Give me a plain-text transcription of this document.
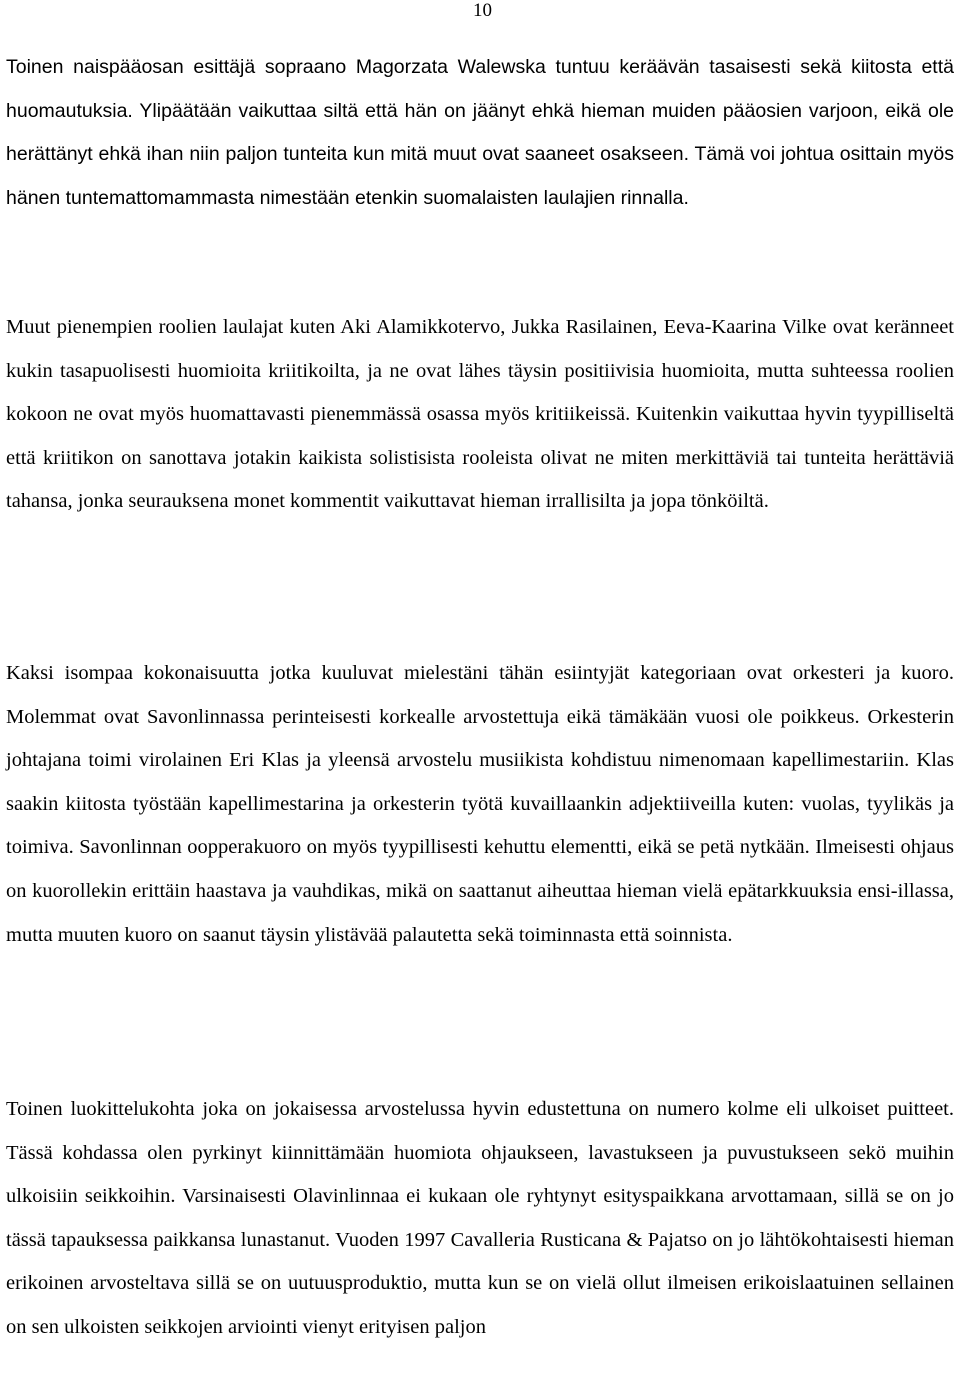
10

Toinen naispääosan esittäjä sopraano Magorzata Walewska tuntuu keräävän tasaisesti sekä kiitosta että huomautuksia. Ylipäätään vaikuttaa siltä että hän on jäänyt ehkä hieman muiden pääosien varjoon, eikä ole herättänyt ehkä ihan niin paljon tunteita kun mitä muut ovat saaneet osakseen. Tämä voi johtua osittain myös hänen tuntemattomammasta nimestään etenkin suomalaisten laulajien rinnalla.

Muut pienempien roolien laulajat kuten Aki Alamikkotervo, Jukka Rasilainen, Eeva-Kaarina Vilke ovat keränneet kukin tasapuolisesti huomioita kriitikoilta, ja ne ovat lähes täysin positiivisia huomioita, mutta suhteessa roolien kokoon ne ovat myös huomattavasti pienemmässä osassa myös kritiikeissä. Kuitenkin vaikuttaa hyvin tyypilliseltä että kriitikon on sanottava jotakin kaikista solistisista rooleista olivat ne miten merkittäviä tai tunteita herättäviä tahansa, jonka seurauksena monet kommentit vaikuttavat hieman irrallisilta ja jopa tönköiltä.

Kaksi isompaa kokonaisuutta jotka kuuluvat mielestäni tähän esiintyjät kategoriaan ovat orkesteri ja kuoro. Molemmat ovat Savonlinnassa perinteisesti korkealle arvostettuja eikä tämäkään vuosi ole poikkeus. Orkesterin johtajana toimi virolainen Eri Klas ja yleensä arvostelu musiikista kohdistuu nimenomaan kapellimestariin. Klas saakin kiitosta työstään kapellimestarina ja orkesterin työtä kuvaillaankin adjektiiveilla kuten: vuolas, tyylikäs ja toimiva. Savonlinnan oopperakuoro on myös tyypillisesti kehuttu elementti, eikä se petä nytkään. Ilmeisesti ohjaus on kuorollekin erittäin haastava ja vauhdikas, mikä on saattanut aiheuttaa hieman vielä epätarkkuuksia ensi-illassa, mutta muuten kuoro on saanut täysin ylistävää palautetta sekä toiminnasta että soinnista.

Toinen luokittelukohta joka on jokaisessa arvostelussa hyvin edustettuna on numero kolme eli ulkoiset puitteet. Tässä kohdassa olen pyrkinyt kiinnittämään huomiota ohjaukseen, lavastukseen ja puvustukseen sekö muihin ulkoisiin seikkoihin. Varsinaisesti Olavinlinnaa ei kukaan ole ryhtynyt esityspaikkana arvottamaan, sillä se on jo tässä tapauksessa paikkansa lunastanut. Vuoden 1997 Cavalleria Rusticana & Pajatso on jo lähtökohtaisesti hieman erikoinen arvosteltava sillä se on uutuusproduktio, mutta kun se on vielä ollut ilmeisen erikoislaatuinen sellainen on sen ulkoisten seikkojen arviointi vienyt erityisen paljon
